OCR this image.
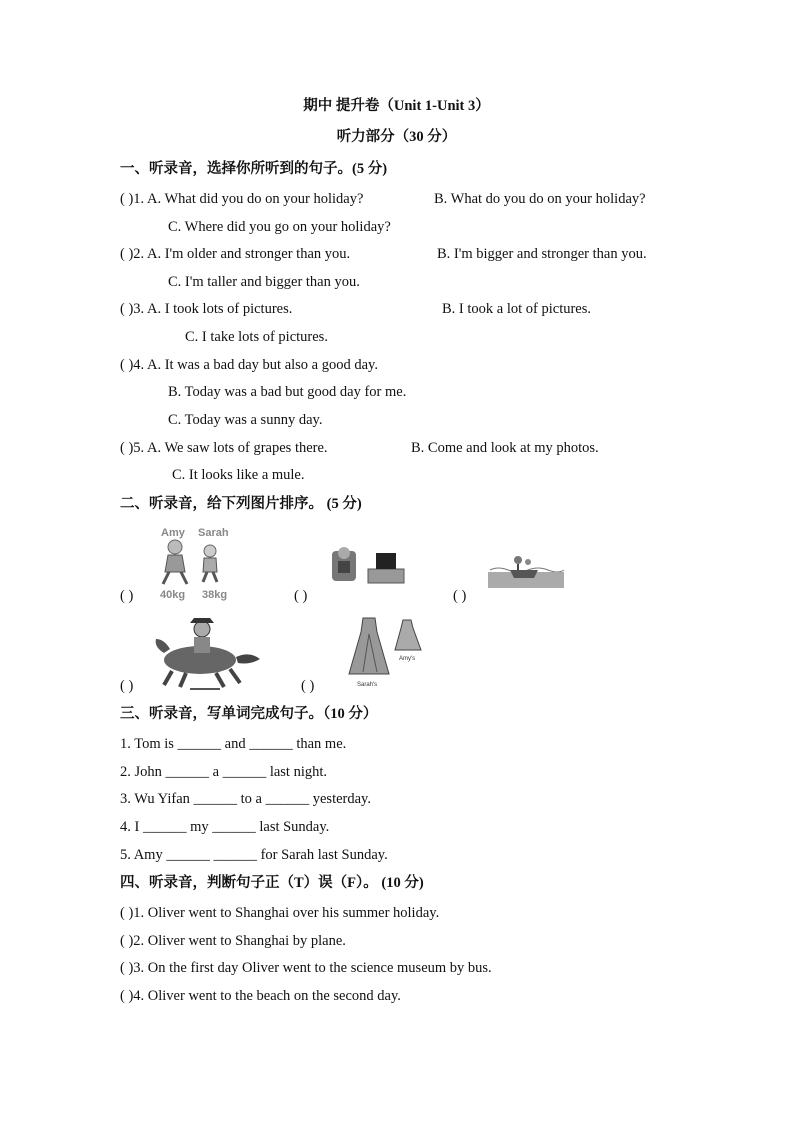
期中 提升卷（Unit 1-Unit 3）
听力部分（30 分）
一、听录音，选择你所听到的句子。(5 分)
( )1. A. What did you do on your holiday?	B. What do you do on your holiday?
C. Where did you go on your holiday?
( )2. A. I'm older and stronger than you.	B. I'm bigger and stronger than you.
C. I'm taller and bigger than you.
( )3. A. I took lots of pictures.	B. I took a lot of pictures.
C. I take lots of pictures.
( )4. A. It was a bad day but also a good day.
B. Today was a bad but good day for me.
C. Today was a sunny day.
( )5. A. We saw lots of grapes there.	B. Come and look at my photos.
C. It looks like a mule.
二、听录音，给下列图片排序。 (5 分)
Amy Sarah
40kg 38kg
( )	( )	( )
Amy's
Sarah's
( )	( )
三、听录音，写单词完成句子。（10 分）
1. Tom is ______ and ______ than me.
2. John ______ a ______ last night.
3. Wu Yifan ______ to a ______ yesterday.
4. I ______ my ______ last Sunday.
5. Amy ______ ______ for Sarah last Sunday.
四、听录音，判断句子正（T）误（F）。 (10 分)
( )1. Oliver went to Shanghai over his summer holiday.
( )2. Oliver went to Shanghai by plane.
( )3. On the first day Oliver went to the science museum by bus.
( )4. Oliver went to the beach on the second day.
